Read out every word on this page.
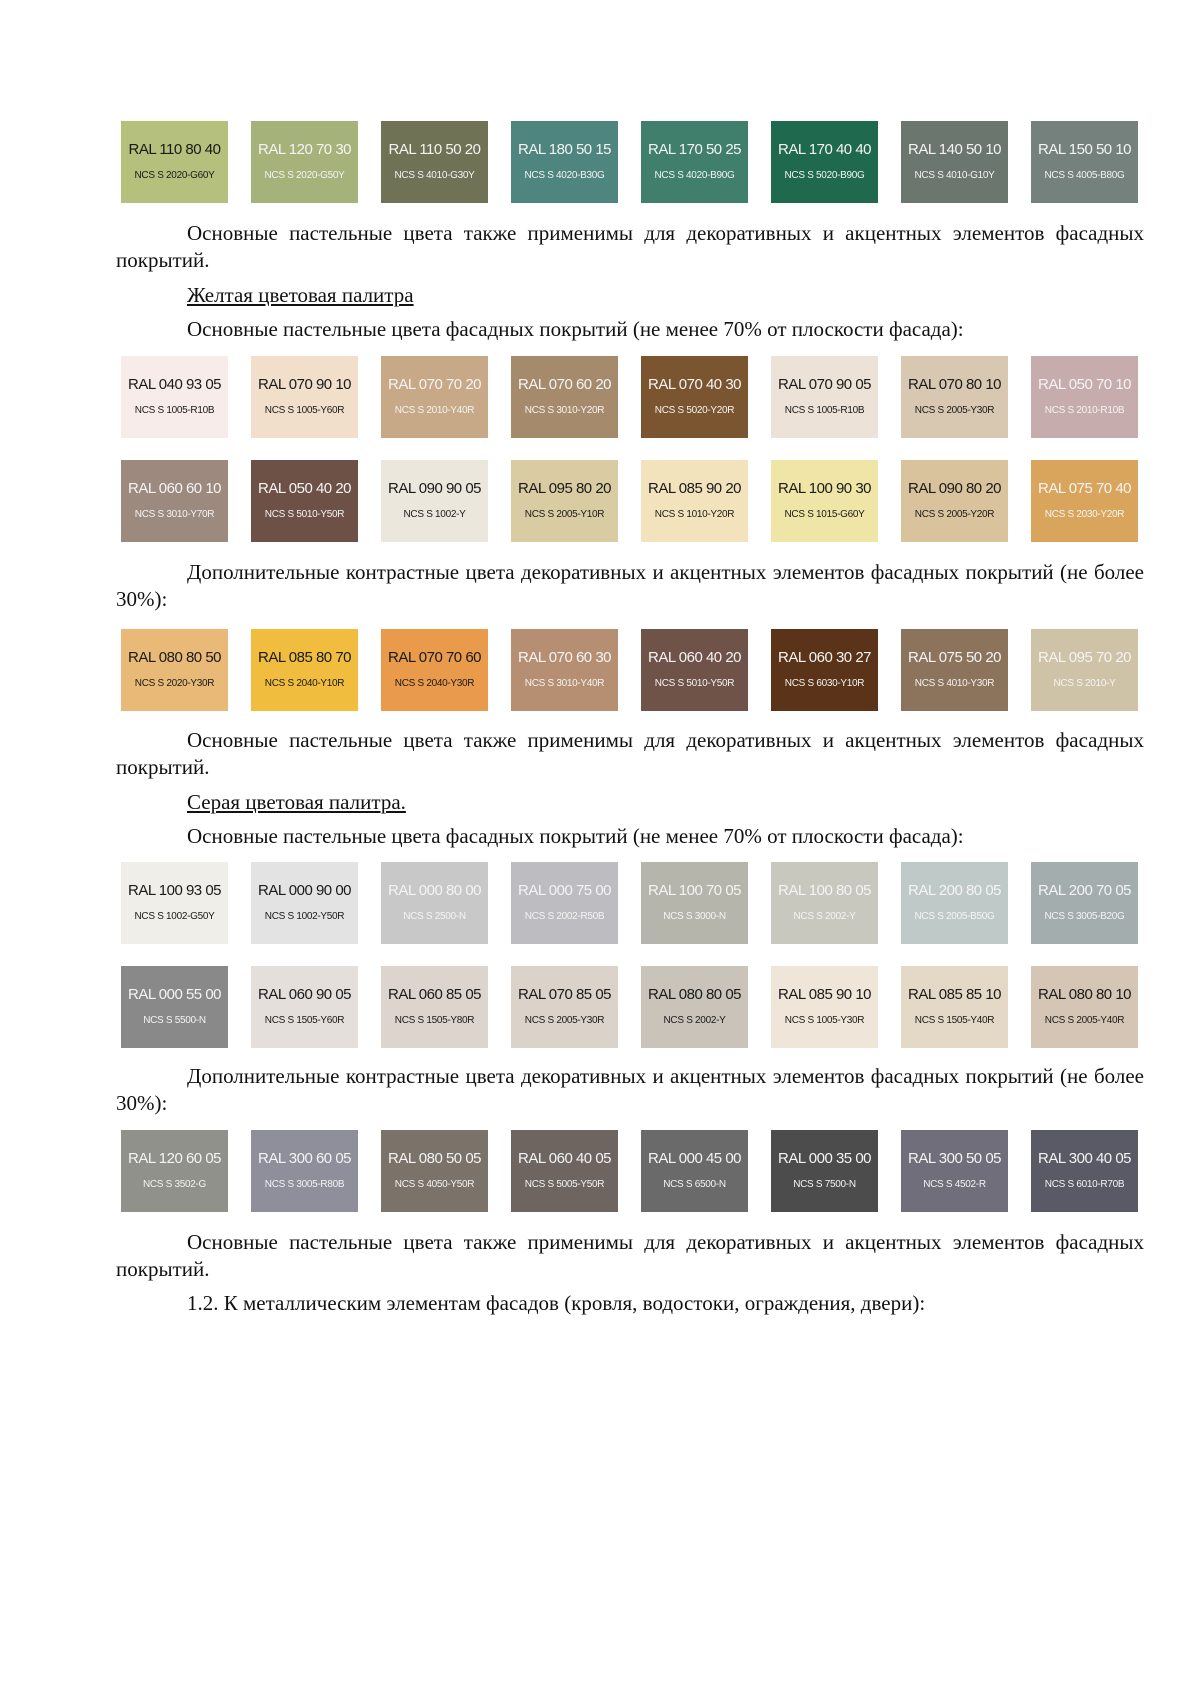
RAL 110 80 40
NCS S 2020-G60Y
RAL 120 70 30
NCS S 2020-G50Y
RAL 110 50 20
NCS S 4010-G30Y
RAL 180 50 15
NCS S 4020-B30G
RAL 170 50 25
NCS S 4020-B90G
RAL 170 40 40
NCS S 5020-B90G
RAL 140 50 10
NCS S 4010-G10Y
RAL 150 50 10
NCS S 4005-B80G
Основные пастельные цвета также применимы для декоративных и акцентных элементов фасадных покрытий.
Желтая цветовая палитра
Основные пастельные цвета фасадных покрытий (не менее 70% от плоскости фасада):
RAL 040 93 05
NCS S 1005-R10B
RAL 070 90 10
NCS S 1005-Y60R
RAL 070 70 20
NCS S 2010-Y40R
RAL 070 60 20
NCS S 3010-Y20R
RAL 070 40 30
NCS S 5020-Y20R
RAL 070 90 05
NCS S 1005-R10B
RAL 070 80 10
NCS S 2005-Y30R
RAL 050 70 10
NCS S 2010-R10B
RAL 060 60 10
NCS S 3010-Y70R
RAL 050 40 20
NCS S 5010-Y50R
RAL 090 90 05
NCS S 1002-Y
RAL 095 80 20
NCS S 2005-Y10R
RAL 085 90 20
NCS S 1010-Y20R
RAL 100 90 30
NCS S 1015-G60Y
RAL 090 80 20
NCS S 2005-Y20R
RAL 075 70 40
NCS S 2030-Y20R
Дополнительные контрастные цвета декоративных и акцентных элементов фасадных покрытий (не более 30%):
RAL 080 80 50
NCS S 2020-Y30R
RAL 085 80 70
NCS S 2040-Y10R
RAL 070 70 60
NCS S 2040-Y30R
RAL 070 60 30
NCS S 3010-Y40R
RAL 060 40 20
NCS S 5010-Y50R
RAL 060 30 27
NCS S 6030-Y10R
RAL 075 50 20
NCS S 4010-Y30R
RAL 095 70 20
NCS S 2010-Y
Основные пастельные цвета также применимы для декоративных и акцентных элементов фасадных покрытий.
Серая цветовая палитра.
Основные пастельные цвета фасадных покрытий (не менее 70% от плоскости фасада):
RAL 100 93 05
NCS S 1002-G50Y
RAL 000 90 00
NCS S 1002-Y50R
RAL 000 80 00
NCS S 2500-N
RAL 000 75 00
NCS S 2002-R50B
RAL 100 70 05
NCS S 3000-N
RAL 100 80 05
NCS S 2002-Y
RAL 200 80 05
NCS S 2005-B50G
RAL 200 70 05
NCS S 3005-B20G
RAL 000 55 00
NCS S 5500-N
RAL 060 90 05
NCS S 1505-Y60R
RAL 060 85 05
NCS S 1505-Y80R
RAL 070 85 05
NCS S 2005-Y30R
RAL 080 80 05
NCS S 2002-Y
RAL 085 90 10
NCS S 1005-Y30R
RAL 085 85 10
NCS S 1505-Y40R
RAL 080 80 10
NCS S 2005-Y40R
Дополнительные контрастные цвета декоративных и акцентных элементов фасадных покрытий (не более 30%):
RAL 120 60 05
NCS S 3502-G
RAL 300 60 05
NCS S 3005-R80B
RAL 080 50 05
NCS S 4050-Y50R
RAL 060 40 05
NCS S 5005-Y50R
RAL 000 45 00
NCS S 6500-N
RAL 000 35 00
NCS S 7500-N
RAL 300 50 05
NCS S 4502-R
RAL 300 40 05
NCS S 6010-R70B
Основные пастельные цвета также применимы для декоративных и акцентных элементов фасадных покрытий.
1.2. К металлическим элементам фасадов (кровля, водостоки, ограждения, двери):
